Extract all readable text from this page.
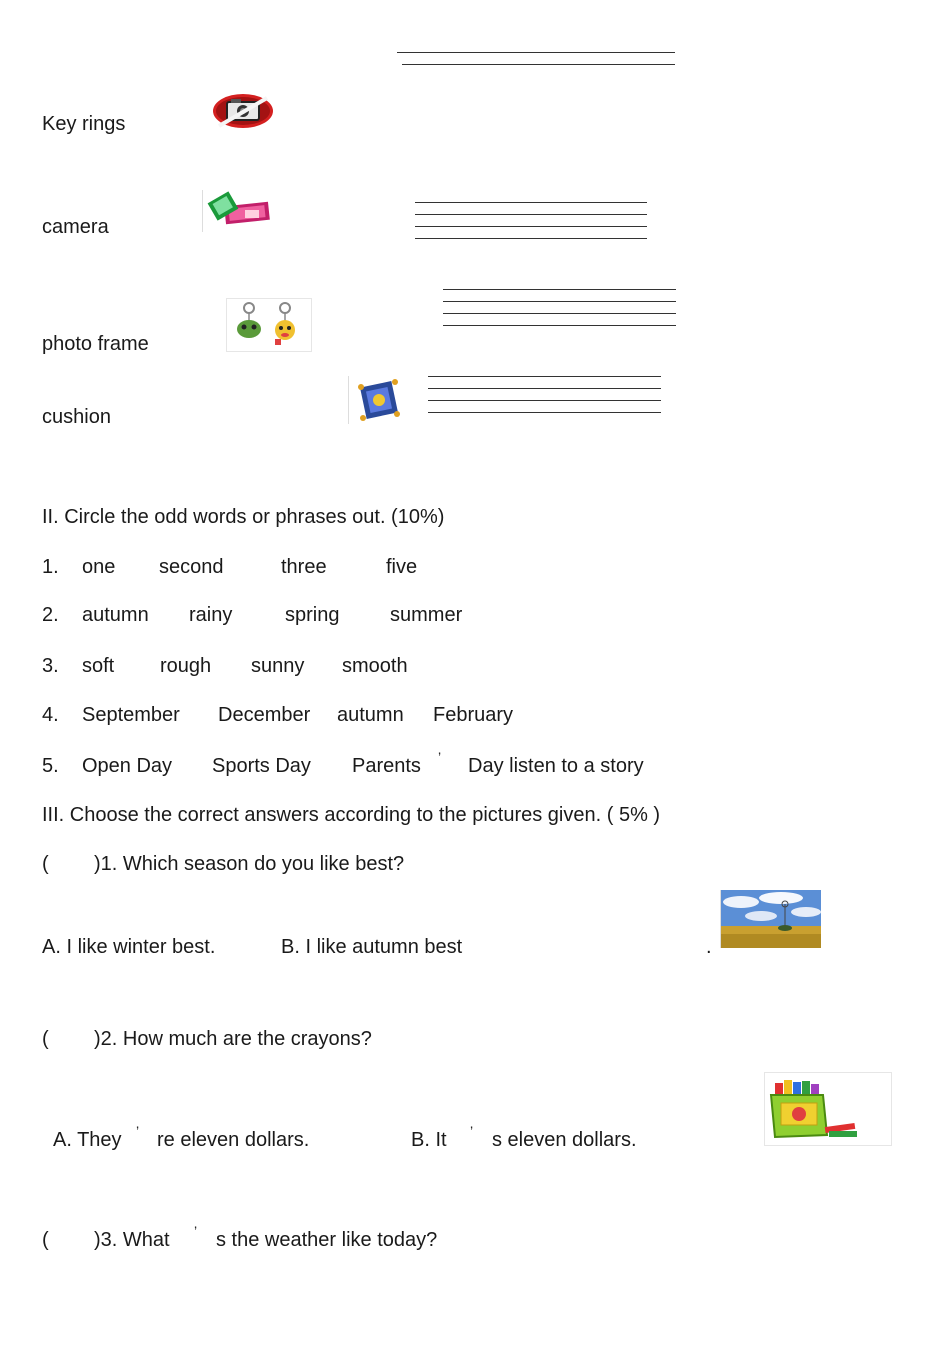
Key rings
camera
photo frame
cushion
II. Circle the odd words or phrases out. (10%)
1. one second	three	five
2. autumn rainy	spring	summer
3. soft rough sunny smooth
4. September December autumn February
5. Open Day Sports Day Parents ’ Day listen to a story
III. Choose the correct answers according to the pictures given. ( 5% )
( )1. Which season do you like best?
A. I like winter best.	B. I like autumn best	.
( )2. How much are the crayons?
A. They ’ re eleven dollars.	B. It ’ s eleven dollars.
( )3. What ’ s the weather like today?
